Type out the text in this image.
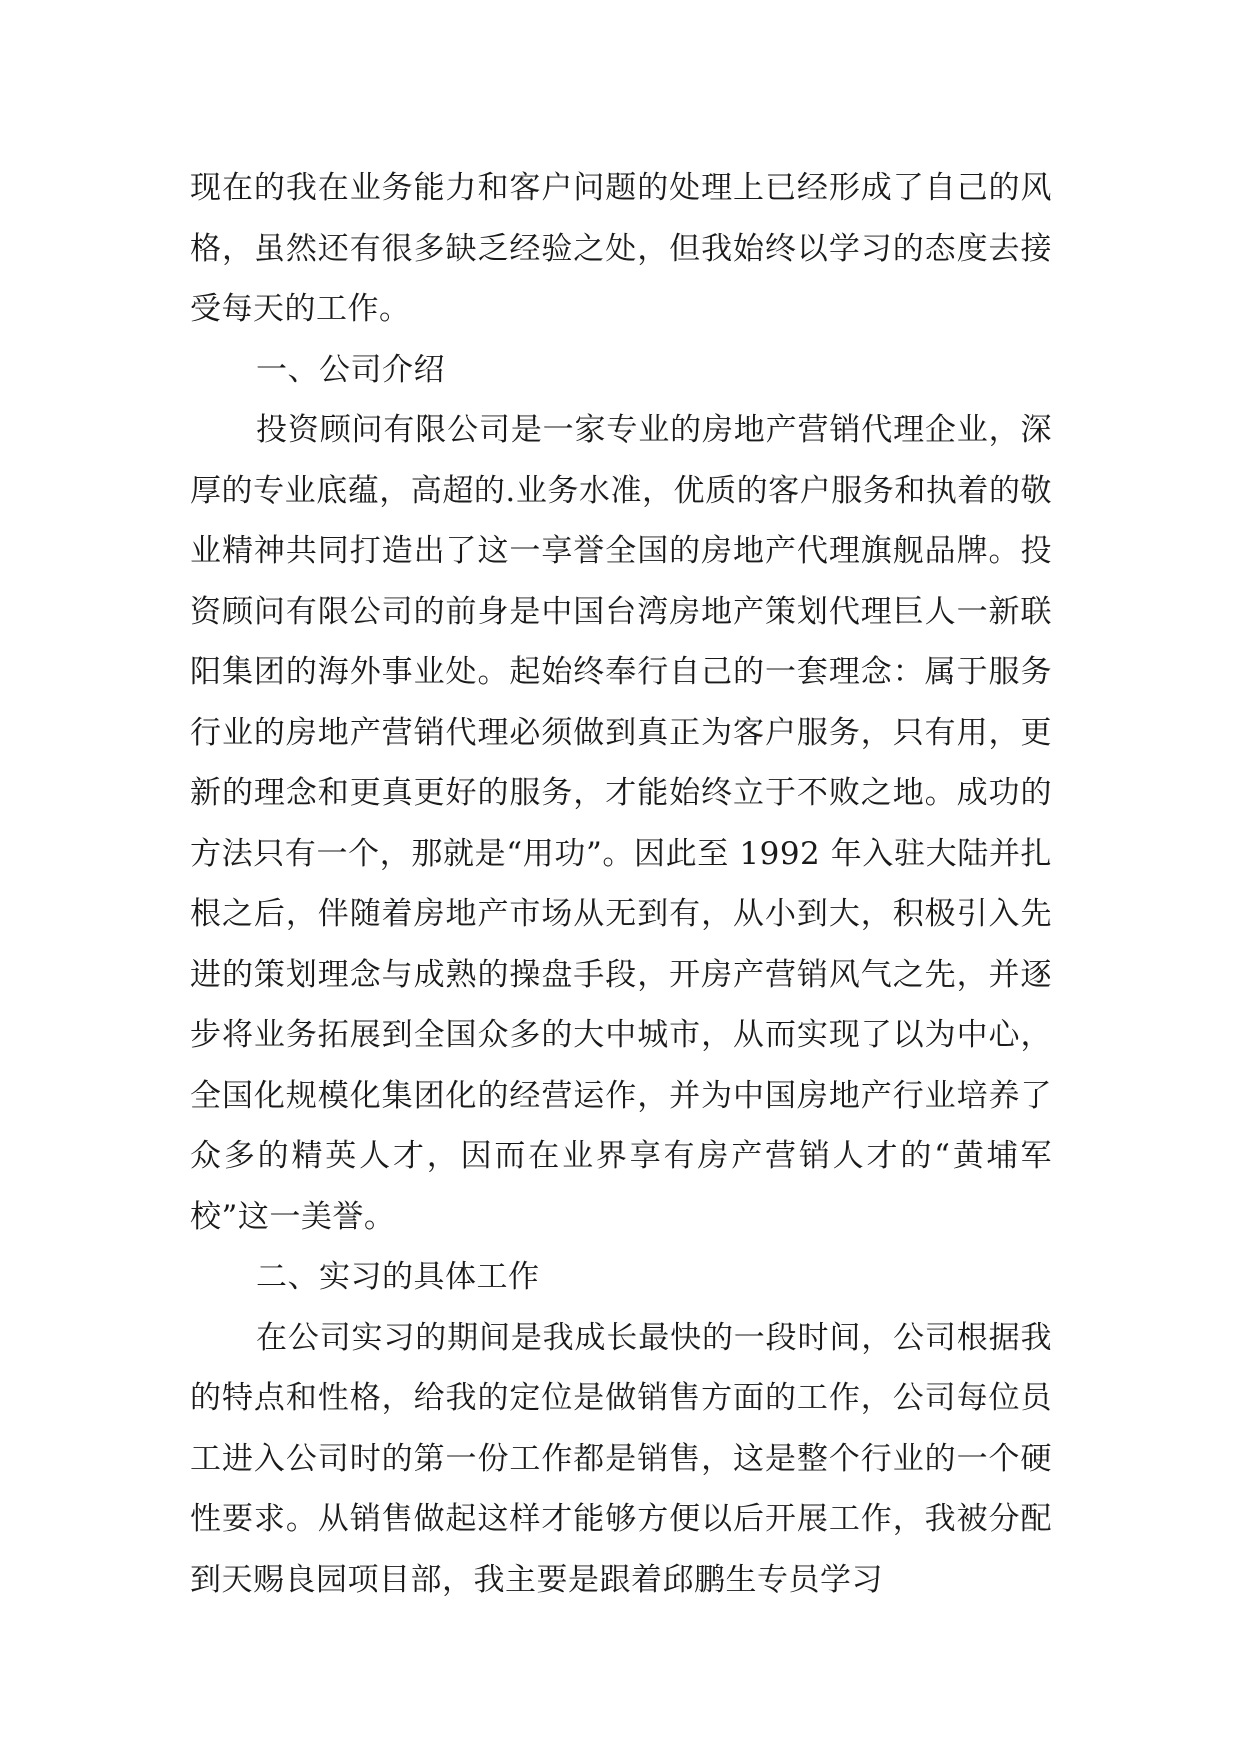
现在的我在业务能力和客户问题的处理上已经形成了自己的风格，虽然还有很多缺乏经验之处，但我始终以学习的态度去接受每天的工作。

一、公司介绍

投资顾问有限公司是一家专业的房地产营销代理企业，深厚的专业底蕴，高超的.业务水准，优质的客户服务和执着的敬业精神共同打造出了这一享誉全国的房地产代理旗舰品牌。投资顾问有限公司的前身是中国台湾房地产策划代理巨人一新联阳集团的海外事业处。起始终奉行自己的一套理念：属于服务行业的房地产营销代理必须做到真正为客户服务，只有用，更新的理念和更真更好的服务，才能始终立于不败之地。成功的方法只有一个，那就是“用功”。因此至 1992 年入驻大陆并扎根之后，伴随着房地产市场从无到有，从小到大，积极引入先进的策划理念与成熟的操盘手段，开房产营销风气之先，并逐步将业务拓展到全国众多的大中城市，从而实现了以为中心，全国化规模化集团化的经营运作，并为中国房地产行业培养了众多的精英人才，因而在业界享有房产营销人才的“黄埔军校”这一美誉。

二、实习的具体工作

在公司实习的期间是我成长最快的一段时间，公司根据我的特点和性格，给我的定位是做销售方面的工作，公司每位员工进入公司时的第一份工作都是销售，这是整个行业的一个硬性要求。从销售做起这样才能够方便以后开展工作，我被分配到天赐良园项目部，我主要是跟着邱鹏生专员学习
